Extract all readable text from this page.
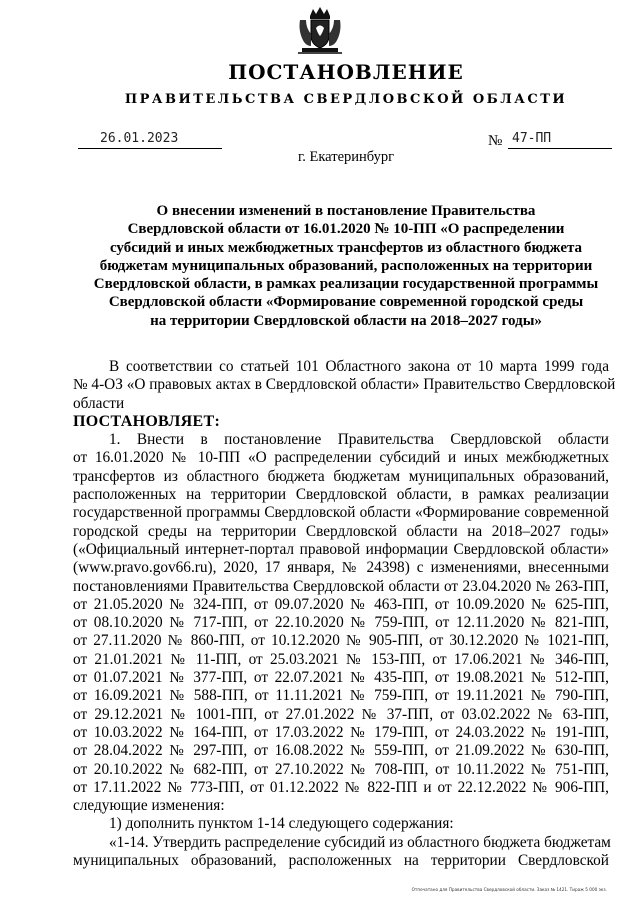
ПОСТАНОВЛЕНИЕ
ПРАВИТЕЛЬСТВА СВЕРДЛОВСКОЙ ОБЛАСТИ
26.01.2023	№ 47-ПП
г. Екатеринбург
О внесении изменений в постановление Правительства
Свердловской области от 16.01.2020 № 10-ПП «О распределении
субсидий и иных межбюджетных трансфертов из областного бюджета
бюджетам муниципальных образований, расположенных на территории
Свердловской области, в рамках реализации государственной программы
Свердловской области «Формирование современной городской среды
на территории Свердловской области на 2018–2027 годы»
В соответствии со статьей 101 Областного закона от 10 марта 1999 года
№ 4-ОЗ «О правовых актах в Свердловской области» Правительство Свердловской
области
ПОСТАНОВЛЯЕТ:
1. Внести в постановление Правительства Свердловской области
от 16.01.2020 № 10-ПП «О распределении субсидий и иных межбюджетных
трансфертов из областного бюджета бюджетам муниципальных образований,
расположенных на территории Свердловской области, в рамках реализации
государственной программы Свердловской области «Формирование современной
городской среды на территории Свердловской области на 2018–2027 годы»
(«Официальный интернет-портал правовой информации Свердловской области»
(www.pravo.gov66.ru), 2020, 17 января, № 24398) с изменениями, внесенными
постановлениями Правительства Свердловской области от 23.04.2020 № 263-ПП,
от 21.05.2020 № 324-ПП, от 09.07.2020 № 463-ПП, от 10.09.2020 № 625-ПП,
от 08.10.2020 № 717-ПП, от 22.10.2020 № 759-ПП, от 12.11.2020 № 821-ПП,
от 27.11.2020 № 860-ПП, от 10.12.2020 № 905-ПП, от 30.12.2020 № 1021-ПП,
от 21.01.2021 № 11-ПП, от 25.03.2021 № 153-ПП, от 17.06.2021 № 346-ПП,
от 01.07.2021 № 377-ПП, от 22.07.2021 № 435-ПП, от 19.08.2021 № 512-ПП,
от 16.09.2021 № 588-ПП, от 11.11.2021 № 759-ПП, от 19.11.2021 № 790-ПП,
от 29.12.2021 № 1001-ПП, от 27.01.2022 № 37-ПП, от 03.02.2022 № 63-ПП,
от 10.03.2022 № 164-ПП, от 17.03.2022 № 179-ПП, от 24.03.2022 № 191-ПП,
от 28.04.2022 № 297-ПП, от 16.08.2022 № 559-ПП, от 21.09.2022 № 630-ПП,
от 20.10.2022 № 682-ПП, от 27.10.2022 № 708-ПП, от 10.11.2022 № 751-ПП,
от 17.11.2022 № 773-ПП, от 01.12.2022 № 822-ПП и от 22.12.2022 № 906-ПП,
следующие изменения:
1) дополнить пунктом 1-14 следующего содержания:
«1-14. Утвердить распределение субсидий из областного бюджета бюджетам
муниципальных образований, расположенных на территории Свердловской
Отпечатано для Правительства Свердловской области. Заказ № 1421. Тираж 5 000 экз.
